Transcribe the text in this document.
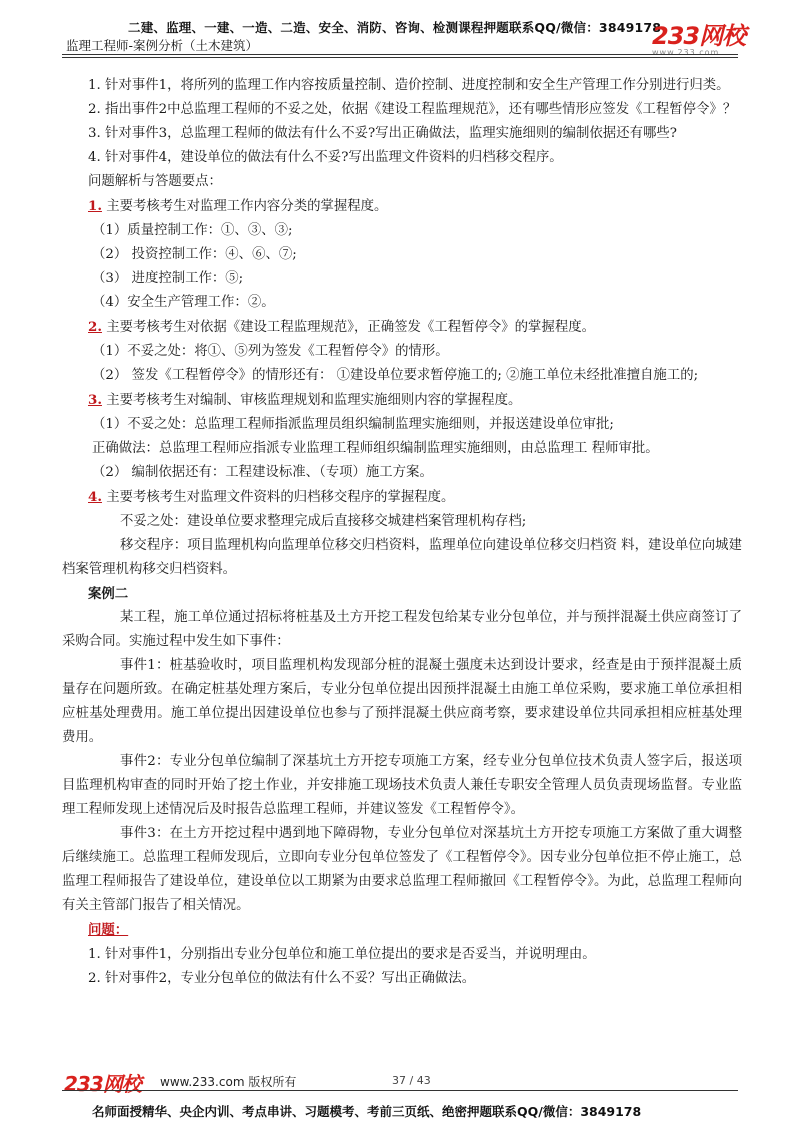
二建、监理、一建、一造、二造、安全、消防、咨询、检测课程押题联系QQ/微信：3849178
监理工程师-案例分析（土木建筑）	233网校
www.233.com

1. 针对事件1，将所列的监理工作内容按质量控制、造价控制、进度控制和安全生产管理工作分别进行归类。

2. 指出事件2中总监理工程师的不妥之处，依据《建设工程监理规范》，还有哪些情形应签发《工程暂停令》？

3. 针对事件3，总监理工程师的做法有什么不妥?写出正确做法，监理实施细则的编制依据还有哪些?

4. 针对事件4，建设单位的做法有什么不妥?写出监理文件资料的归档移交程序。

问题解析与答题要点：

1. 主要考核考生对监理工作内容分类的掌握程度。

（1）质量控制工作：①、③、③;

（2） 投资控制工作：④、⑥、⑦;

（3） 进度控制工作：⑤;

（4）安全生产管理工作：②。

2. 主要考核考生对依据《建设工程监理规范》，正确签发《工程暂停令》的掌握程度。

（1）不妥之处：将①、⑤列为签发《工程暂停令》的情形。

（2） 签发《工程暂停令》的情形还有： ①建设单位要求暂停施工的; ②施工单位未经批准擅自施工的;

3. 主要考核考生对编制、审核监理规划和监理实施细则内容的掌握程度。

（1）不妥之处：总监理工程师指派监理员组织编制监理实施细则，并报送建设单位审批;

正确做法：总监理工程师应指派专业监理工程师组织编制监理实施细则，由总监理工 程师审批。

（2） 编制依据还有：工程建设标准、（专项）施工方案。

4. 主要考核考生对监理文件资料的归档移交程序的掌握程度。

不妥之处：建设单位要求整理完成后直接移交城建档案管理机构存档;

移交程序：项目监理机构向监理单位移交归档资料，监理单位向建设单位移交归档资 料，建设单位向城建档案管理机构移交归档资料。

案例二

某工程，施工单位通过招标将桩基及土方开挖工程发包给某专业分包单位，并与预拌混凝土供应商签订了采购合同。实施过程中发生如下事件：

事件1：桩基验收时，项目监理机构发现部分桩的混凝土强度未达到设计要求，经查是由于预拌混凝土质量存在问题所致。在确定桩基处理方案后，专业分包单位提出因预拌混凝土由施工单位采购，要求施工单位承担相应桩基处理费用。施工单位提出因建设单位也参与了预拌混凝土供应商考察，要求建设单位共同承担相应桩基处理费用。

事件2：专业分包单位编制了深基坑土方开挖专项施工方案，经专业分包单位技术负责人签字后，报送项目监理机构审查的同时开始了挖土作业，并安排施工现场技术负责人兼任专职安全管理人员负责现场监督。专业监理工程师发现上述情况后及时报告总监理工程师，并建议签发《工程暂停令》。

事件3：在土方开挖过程中遇到地下障碍物，专业分包单位对深基坑土方开挖专项施工方案做了重大调整后继续施工。总监理工程师发现后，立即向专业分包单位签发了《工程暂停令》。因专业分包单位拒不停止施工，总监理工程师报告了建设单位，建设单位以工期紧为由要求总监理工程师撤回《工程暂停令》。为此，总监理工程师向有关主管部门报告了相关情况。

问题：

1. 针对事件1，分别指出专业分包单位和施工单位提出的要求是否妥当，并说明理由。

2. 针对事件2，专业分包单位的做法有什么不妥？写出正确做法。

233网校 www.233.com 版权所有	37 / 43
名师面授精华、央企内训、考点串讲、习题模考、考前三页纸、绝密押题联系QQ/微信：3849178
